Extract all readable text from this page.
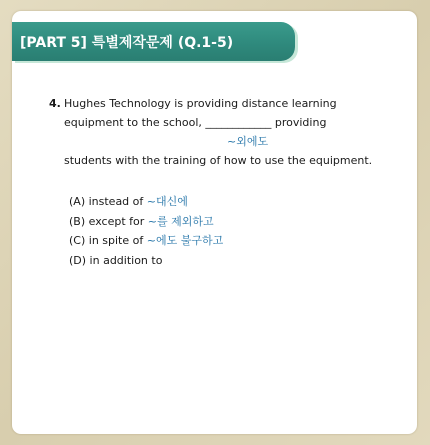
[PART 5] 특별제작문제 (Q.1-5)
4. Hughes Technology is providing distance learning
equipment to the school, ____________ providing
~외에도
students with the training of how to use the equipment.
(A) instead of ~대신에
(B) except for ~를 제외하고
(C) in spite of ~에도 불구하고
(D) in addition to
